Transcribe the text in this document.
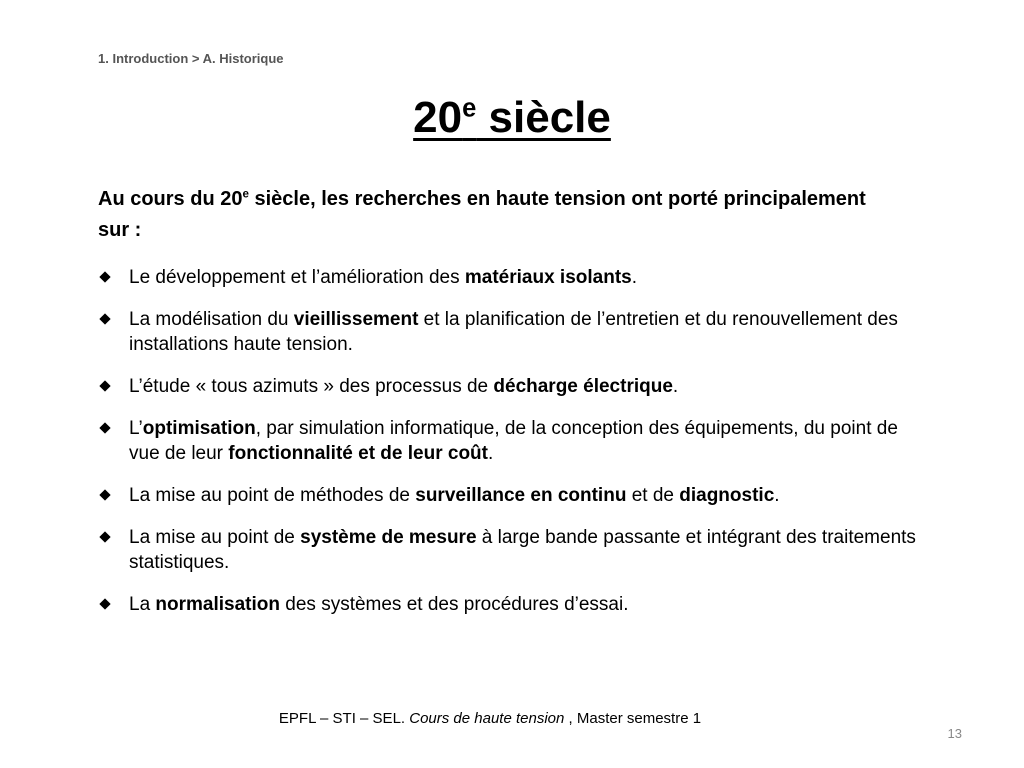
1. Introduction > A. Historique
20e siècle
Au cours du 20e siècle, les recherches en haute tension ont porté principalement sur :
Le développement et l’amélioration des matériaux isolants.
La modélisation du vieillissement et la planification de l’entretien et du renouvellement des installations haute tension.
L’étude « tous azimuts » des processus de décharge électrique.
L’optimisation, par simulation informatique, de la conception des équipements, du point de vue de leur fonctionnalité et de leur coût.
La mise au point de méthodes de surveillance en continu et de diagnostic.
La mise au point de système de mesure à large bande passante et intégrant des traitements statistiques.
La normalisation des systèmes et des procédures d’essai.
EPFL – STI – SEL. Cours de haute tension , Master semestre 1
13
